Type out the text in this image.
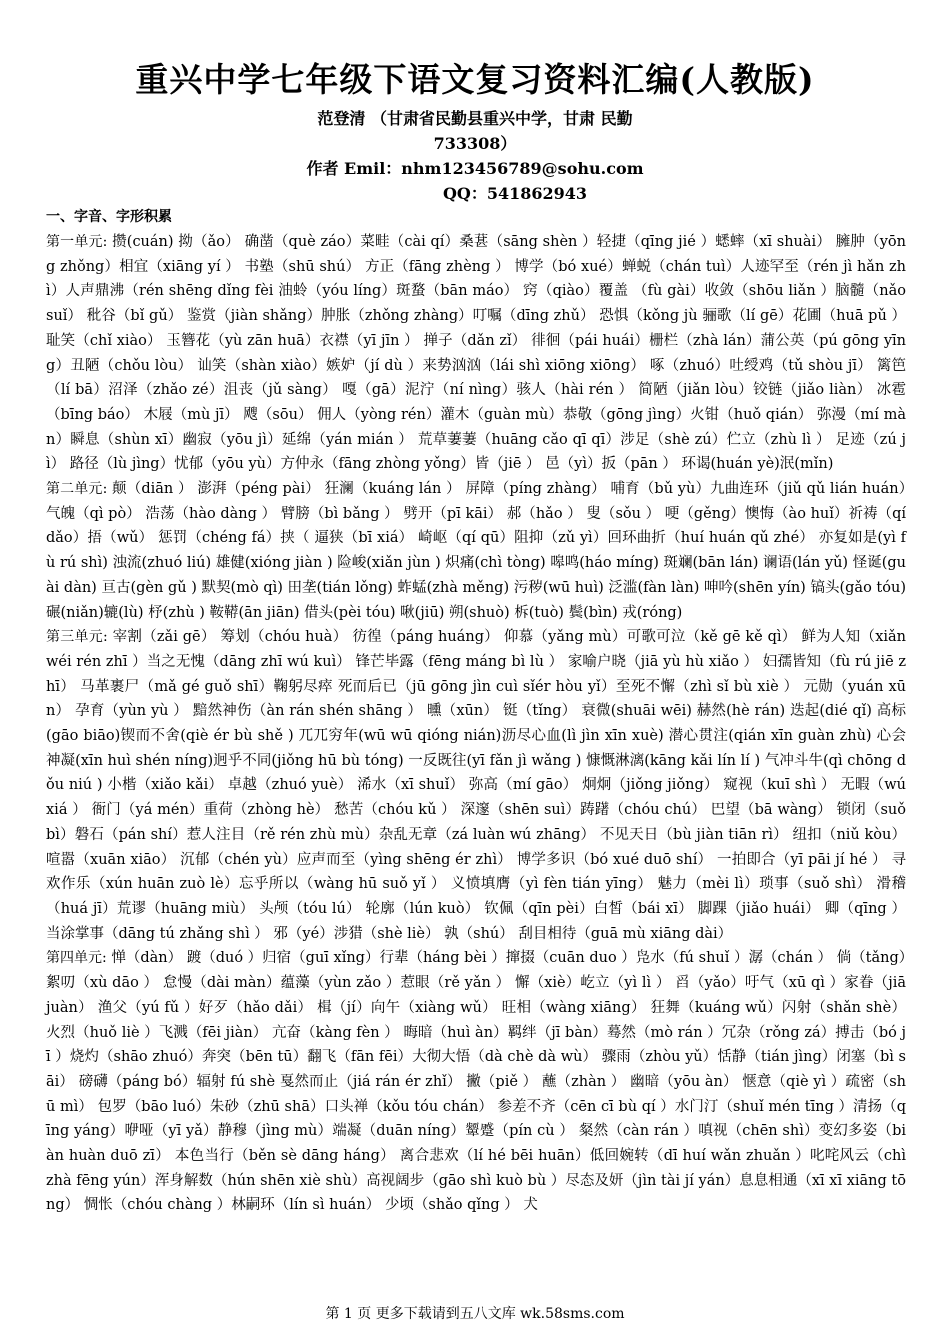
重兴中学七年级下语文复习资料汇编(人教版)
范登清 （甘肃省民勤县重兴中学，甘肃 民勤
733308）
作者 Emil：nhm123456789@sohu.com
QQ：541862943
一、字音、字形积累

第一单元: 攒(cuán) 拗（ǎo） 确凿（què záo）菜畦（cài qí）桑葚（sāng shèn ）轻捷（qīng jié ）蟋蟀（xī shuài） 臃肿（yōng zhǒng）相宜（xiāng yí ） 书塾（shū shú） 方正（fāng zhèng ） 博学（bó xué）蝉蜕（chán tuì）人迹罕至（rén jì hǎn zhì）人声鼎沸（rén shēng dǐng fèi 油蛉（yóu líng）斑蝥（bān máo） 窍（qiào）覆盖 （fù gài）收敛（shōu liǎn ）脑髓（nǎo suǐ） 秕谷（bǐ gǔ） 鉴赏（jiàn shǎng）肿胀（zhǒng zhàng）叮嘱（dīng zhǔ） 恐惧（kǒng jù 骊歌（lí gē）花圃（huā pǔ ）耻笑（chǐ xiào） 玉簪花（yù zān huā）衣襟（yī jīn ） 掸子（dǎn zǐ） 徘徊（pái huái）栅栏（zhà lán）蒲公英（pú gōng yīng）丑陋（chǒu lòu） 讪笑（shàn xiào）嫉妒（jí dù ）来势汹汹（lái shì xiōng xiōng） 啄（zhuó）吐绶鸡（tǔ shòu jī） 篱笆（lí bā）沼泽（zhǎo zé）沮丧（jǔ sàng） 嘎（gā）泥泞（ní nìng）骇人（hài rén ） 简陋（jiǎn lòu）铰链（jiǎo liàn） 冰雹（bīng báo） 木屐（mù jī） 飕（sōu） 佣人（yòng rén）灌木（guàn mù）恭敬（gōng jìng）火钳（huǒ qián） 弥漫（mí màn）瞬息（shùn xī）幽寂（yōu jì）延绵（yán mián ） 荒草萋萋（huāng cǎo qī qī）涉足（shè zú）伫立（zhù lì ） 足迹（zú jì） 路径（lù jìng）忧郁（yōu yù）方仲永（fāng zhòng yǒng）皆（jiē ） 邑（yì）扳（pān ） 环谒(huán yè)泯(mǐn)

第二单元: 颠（diān ） 澎湃（péng pài） 狂澜（kuáng lán ） 屏障（píng zhàng） 哺育（bǔ yù）九曲连环（jiǔ qǔ lián huán）气魄（qì pò） 浩荡（hào dàng ） 臂膀（bì bǎng ） 劈开（pī kāi） 郝（hǎo ） 叟（sǒu ） 哽（gěng）懊悔（ào huǐ）祈祷（qí dǎo）捂（wǔ） 惩罚（chéng fá）挟（ 逼狭（bī xiá） 崎岖（qí qū）阻抑（zǔ yì）回环曲折（huí huán qǔ zhé） 亦复如是(yì fù rú shì) 浊流(zhuó liú) 雄健(xióng jiàn ) 险峻(xiǎn jùn ) 炽痛(chì tòng) 嗥鸣(háo míng) 斑斓(bān lán) 谰语(lán yǔ) 怪诞(guài dàn) 亘古(gèn gǔ ) 默契(mò qì) 田垄(tián lǒng) 蚱蜢(zhà měng) 污秽(wū huì) 泛滥(fàn làn) 呻吟(shēn yín) 镐头(gǎo tóu)碾(niǎn)辘(lù) 杼(zhù ) 鞍鞯(ān jiān) 借头(pèi tóu) 啾(jiū) 朔(shuò) 柝(tuò) 鬓(bìn) 戎(róng)

第三单元: 宰割（zǎi gē） 筹划（chóu huà） 彷徨（páng huáng） 仰慕（yǎng mù）可歌可泣（kě gē kě qì） 鲜为人知（xiǎn wéi rén zhī ）当之无愧（dāng zhī wú kuì） 锋芒毕露（fēng máng bì lù ） 家喻户晓（jiā yù hù xiǎo ） 妇孺皆知（fù rú jiē zhī） 马革裹尸（mǎ gé guǒ shī）鞠躬尽瘁 死而后已（jū gōng jìn cuì sǐér hòu yǐ）至死不懈（zhì sǐ bù xiè ） 元勋（yuán xūn） 孕育（yùn yù ） 黯然神伤（àn rán shén shāng ） 曛（xūn） 铤（tǐng） 衰微(shuāi wēi) 赫然(hè rán) 迭起(dié qǐ) 高标(gāo biāo)锲而不舍(qiè ér bù shě ) 兀兀穷年(wū wū qióng nián)沥尽心血(lì jìn xīn xuè) 潜心贯注(qián xīn guàn zhù) 心会神凝(xīn huì shén níng)迥乎不同(jiǒng hū bù tóng) 一反既往(yī fǎn jì wǎng ) 慷慨淋漓(kāng kǎi lín lí ) 气冲斗牛(qì chōng dǒu niú ) 小楷（xiǎo kǎi） 卓越（zhuó yuè） 浠水（xī shuǐ） 弥高（mí gāo） 炯炯（jiǒng jiǒng） 窥视（kuī shì ） 无暇（wú xiá ） 衙门（yá mén）重荷（zhòng hè） 愁苦（chóu kǔ ） 深邃（shēn suì）踌躇（chóu chú） 巴望（bā wàng） 锁闭（suǒ bì）磐石（pán shí）惹人注目（rě rén zhù mù）杂乱无章（zá luàn wú zhāng） 不见天日（bù jiàn tiān rì） 纽扣（niǔ kòu） 喧嚣（xuān xiāo） 沉郁（chén yù）应声而至（yìng shēng ér zhì） 博学多识（bó xué duō shí） 一拍即合（yī pāi jí hé ） 寻欢作乐（xún huān zuò lè）忘乎所以（wàng hū suǒ yǐ ） 义愤填膺（yì fèn tián yīng） 魅力（mèi lì）琐事（suǒ shì） 滑稽（huá jī）荒谬（huāng miù） 头颅（tóu lú） 轮廓（lún kuò） 钦佩（qīn pèi）白皙（bái xī） 脚踝（jiǎo huái） 卿（qīng ） 当涂掌事（dāng tú zhǎng shì ） 邪（yé）涉猎（shè liè） 孰（shú） 刮目相待（guā mù xiāng dài）

第四单元: 惮（dàn） 踱（duó ）归宿（guī xǐng）行辈（háng bèi ）撺掇（cuān duo ）凫水（fú shuǐ ）潺（chán ） 倘（tǎng）絮叨（xù dāo ） 怠慢（dài màn）蕴藻（yùn zǎo ）惹眼（rě yǎn ） 懈（xiè）屹立（yì lì ） 舀（yǎo）吁气（xū qì ）家眷（jiā juàn） 渔父（yú fǔ ）好歹（hǎo dǎi） 楫（jí）向午（xiàng wǔ） 旺相（wàng xiāng） 狂舞（kuáng wǔ）闪射（shǎn shè） 火烈（huǒ liè ）飞溅（fēi jiàn） 亢奋（kàng fèn ） 晦暗（huì àn）羁绊（jī bàn）蓦然（mò rán ）冗杂（rǒng zá）搏击（bó jī ）烧灼（shāo zhuó）奔突（bēn tū）翻飞（fān fēi）大彻大悟（dà chè dà wù） 骤雨（zhòu yǔ）恬静（tián jìng）闭塞（bì sāi） 磅礴（páng bó）辐射 fú shè 戛然而止（jiá rán ér zhǐ） 撇（piě ） 蘸（zhàn ） 幽暗（yōu àn） 惬意（qiè yì ）疏密（shū mì） 包罗（bāo luó）朱砂（zhū shā）口头禅（kǒu tóu chán） 参差不齐（cēn cī bù qí ）水门汀（shuǐ mén tīng ）清扬（qīng yáng）咿哑（yī yǎ）静穆（jìng mù）端凝（duān níng）颦蹙（pín cù ） 粲然（càn rán ）嗔视（chēn shì）变幻多姿（biàn huàn duō zī） 本色当行（běn sè dāng háng） 离合悲欢（lí hé bēi huān）低回婉转（dī huí wǎn zhuǎn ）叱咤风云（chì zhà fēng yún）浑身解数（hún shēn xiè shù）高视阔步（gāo shì kuò bù ）尽态及妍（jìn tài jí yán）息息相通（xī xī xiāng tōng） 惆怅（chóu chàng ）林嗣环（lín sì huán） 少顷（shǎo qǐng ） 犬

第 1 页 更多下载请到五八文库 wk.58sms.com
